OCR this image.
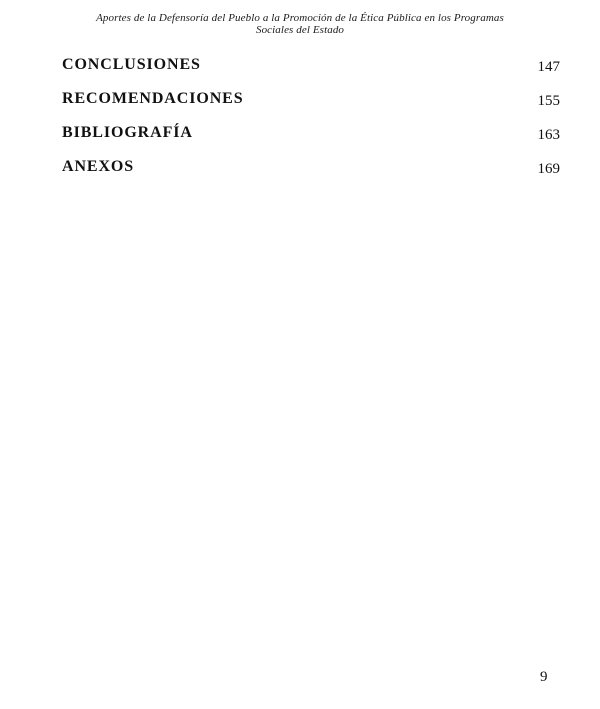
Aportes de la Defensoría del Pueblo a la Promoción de la Ética Pública en los Programas
Sociales del Estado
CONCLUSIONES	147
RECOMENDACIONES	155
BIBLIOGRAFÍA	163
ANEXOS	169
9
